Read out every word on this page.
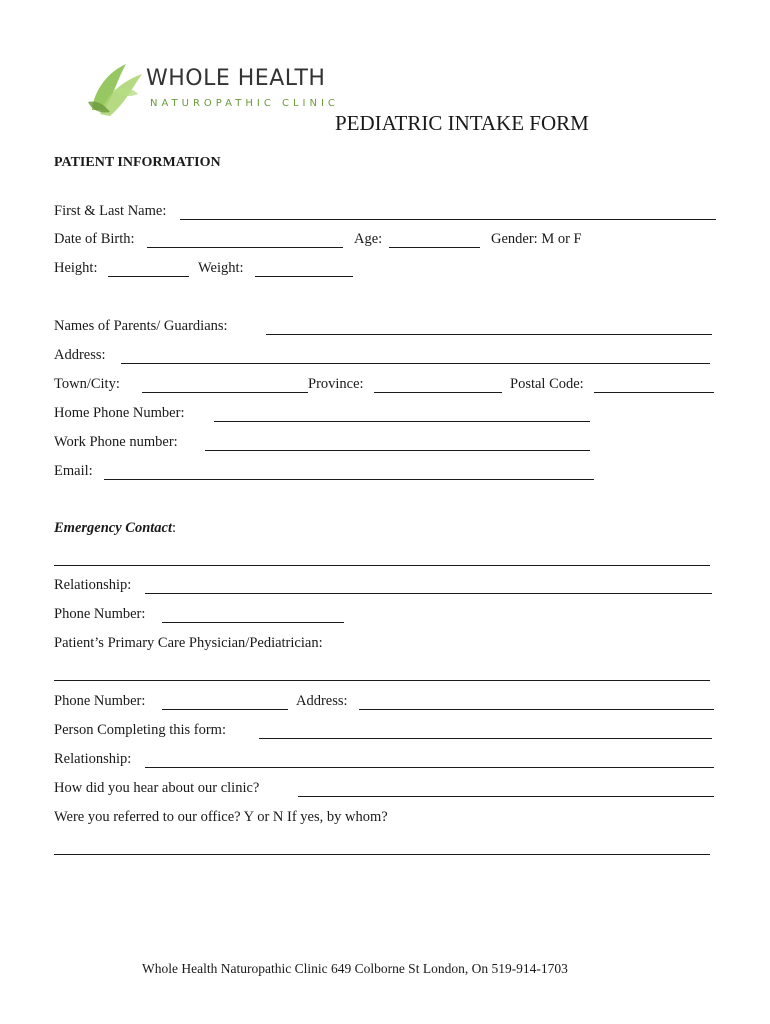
WHOLE HEALTH
NATUROPATHIC CLINIC
PEDIATRIC INTAKE FORM
PATIENT INFORMATION
First & Last Name:
Date of Birth:	Age:	Gender: M or F
Height:	Weight:
Names of Parents/ Guardians:
Address:
Town/City:	Province:	Postal Code:
Home Phone Number:
Work Phone number:
Email:
Emergency Contact:
Relationship:
Phone Number:
Patient’s Primary Care Physician/Pediatrician:
Phone Number:	Address:
Person Completing this form:
Relationship:
How did you hear about our clinic?
Were you referred to our office? Y or N If yes, by whom?
Whole Health Naturopathic Clinic 649 Colborne St London, On 519-914-1703
